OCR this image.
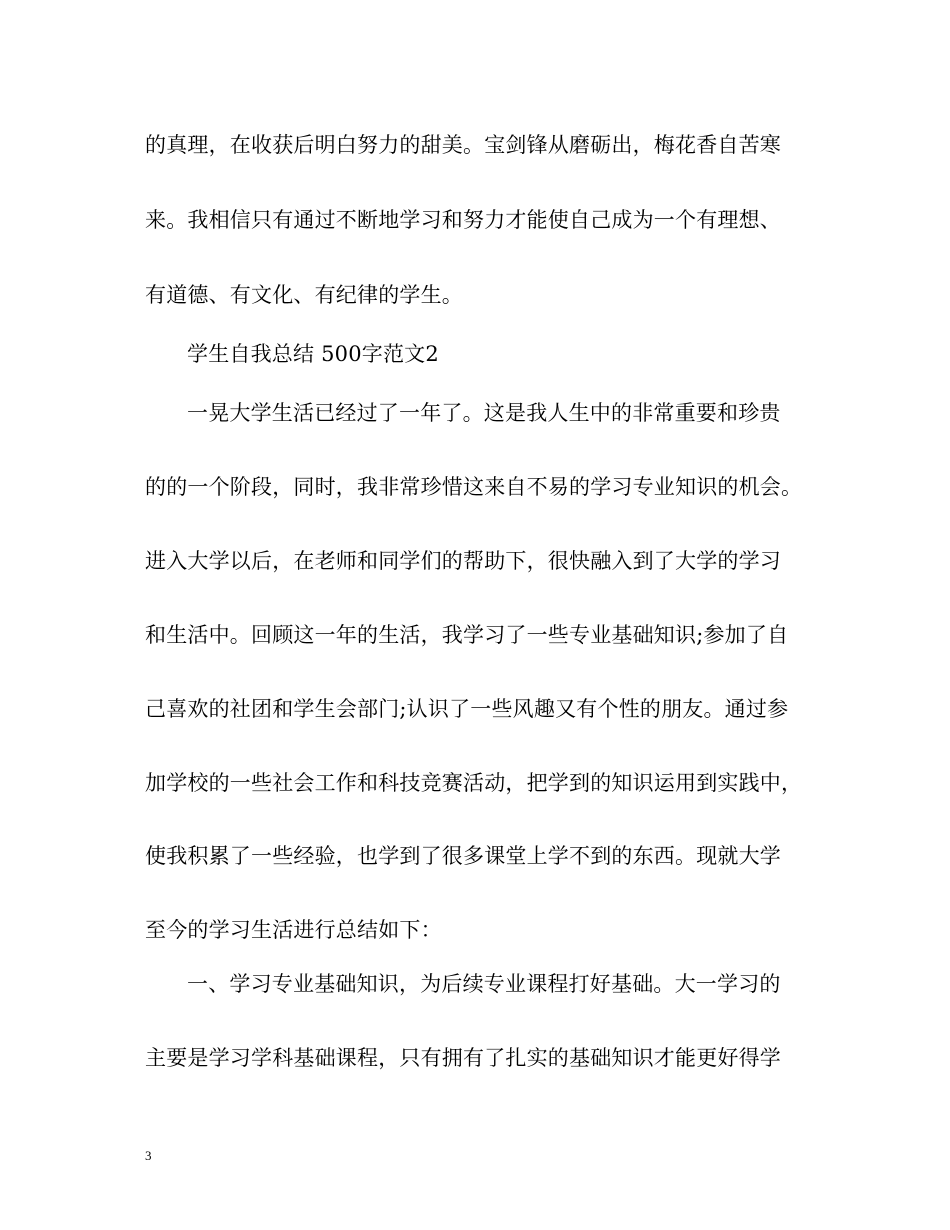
的真理，在收获后明白努力的甜美。宝剑锋从磨砺出，梅花香自苦寒
来。我相信只有通过不断地学习和努力才能使自己成为一个有理想、
有道德、有文化、有纪律的学生。
学生自我总结 500字范文2
一晃大学生活已经过了一年了。这是我人生中的非常重要和珍贵
的的一个阶段，同时，我非常珍惜这来自不易的学习专业知识的机会。
进入大学以后，在老师和同学们的帮助下，很快融入到了大学的学习
和生活中。回顾这一年的生活，我学习了一些专业基础知识;参加了自
己喜欢的社团和学生会部门;认识了一些风趣又有个性的朋友。通过参
加学校的一些社会工作和科技竞赛活动，把学到的知识运用到实践中，
使我积累了一些经验，也学到了很多课堂上学不到的东西。现就大学
至今的学习生活进行总结如下：
一、学习专业基础知识，为后续专业课程打好基础。大一学习的
主要是学习学科基础课程，只有拥有了扎实的基础知识才能更好得学
3
